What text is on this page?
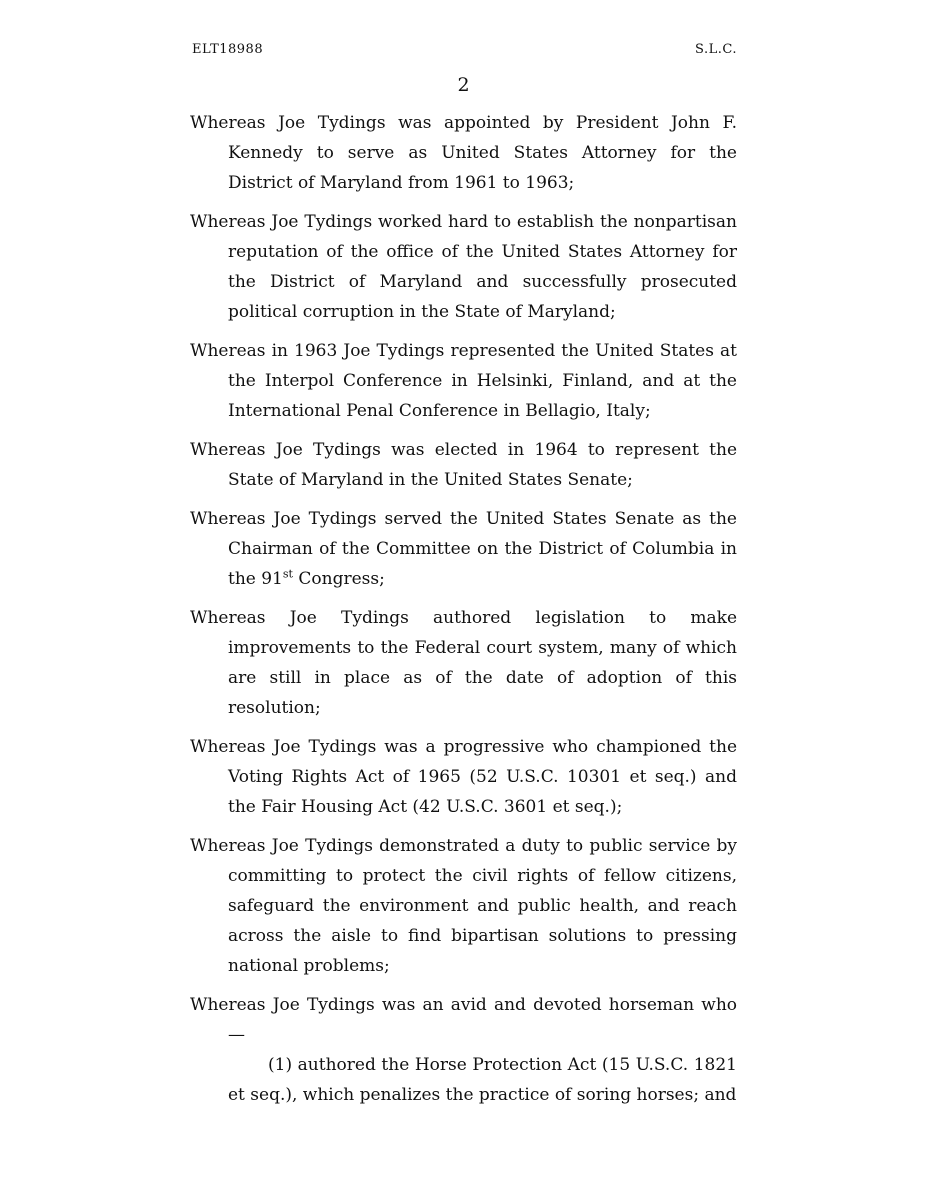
ELT18988	S.L.C.
2

Whereas Joe Tydings was appointed by President John F. Kennedy to serve as United States Attorney for the District of Maryland from 1961 to 1963;

Whereas Joe Tydings worked hard to establish the nonpartisan reputation of the office of the United States Attorney for the District of Maryland and successfully prosecuted political corruption in the State of Maryland;

Whereas in 1963 Joe Tydings represented the United States at the Interpol Conference in Helsinki, Finland, and at the International Penal Conference in Bellagio, Italy;

Whereas Joe Tydings was elected in 1964 to represent the State of Maryland in the United States Senate;

Whereas Joe Tydings served the United States Senate as the Chairman of the Committee on the District of Columbia in the 91st Congress;

Whereas Joe Tydings authored legislation to make improvements to the Federal court system, many of which are still in place as of the date of adoption of this resolution;

Whereas Joe Tydings was a progressive who championed the Voting Rights Act of 1965 (52 U.S.C. 10301 et seq.) and the Fair Housing Act (42 U.S.C. 3601 et seq.);

Whereas Joe Tydings demonstrated a duty to public service by committing to protect the civil rights of fellow citizens, safeguard the environment and public health, and reach across the aisle to find bipartisan solutions to pressing national problems;

Whereas Joe Tydings was an avid and devoted horseman who—

(1) authored the Horse Protection Act (15 U.S.C. 1821 et seq.), which penalizes the practice of soring horses; and
